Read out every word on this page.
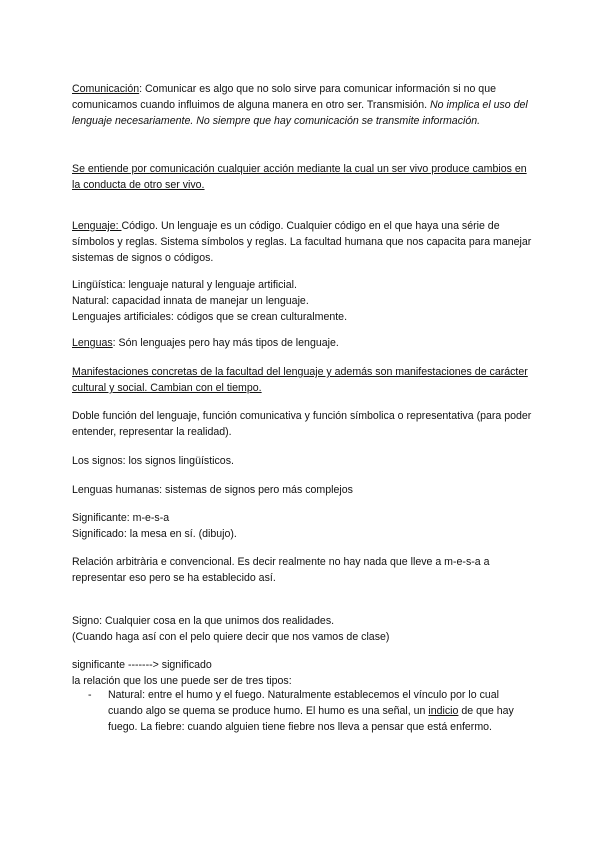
Comunicación: Comunicar es algo que no solo sirve para comunicar información si no que comunicamos cuando influimos de alguna manera en otro ser. Transmisión. No implica el uso del lenguaje necesariamente. No siempre que hay comunicación se transmite información.

Se entiende por comunicación cualquier acción mediante la cual un ser vivo produce cambios en la conducta de otro ser vivo.

Lenguaje: Código. Un lenguaje es un código. Cualquier código en el que haya una sérіe de símbolos y reglas. Sistema símbolos y reglas. La facultad humana que nos capacita para manejar sistemas de signos o códigos.

Lingüística: lenguaje natural y lenguaje artificial.
Natural: capacidad innata de manejar un lenguaje.
Lenguajes artificiales: códigos que se crean culturalmente.

Lenguas: Són lenguajes pero hay más tipos de lenguaje.

Manifestaciones concretas de la facultad del lenguaje y además son manifestaciones de carácter cultural y social. Cambian con el tiempo.

Doble función del lenguaje, función comunicativa y función símbolica o representativa (para poder entender, representar la realidad).

Los signos: los signos lingüísticos.

Lenguas humanas: sistemas de signos pero más complejos

Significante: m-e-s-a
Significado: la mesa en sí. (dibujo).

Relación arbitrària e convencional. Es decir realmente no hay nada que lleve a m-e-s-a a representar eso pero se ha establecido así.

Signo: Cualquier cosa en la que unimos dos realidades.
(Cuando haga así con el pelo quiere decir que nos vamos de clase)
significante -------> significado
la relación que los une puede ser de tres tipos:
- Natural: entre el humo y el fuego. Naturalmente establecemos el vínculo por lo cual cuando algo se quema se produce humo. El humo es una señal, un indicio de que hay fuego. La fiebre: cuando alguien tiene fiebre nos lleva a pensar que está enfermo.
